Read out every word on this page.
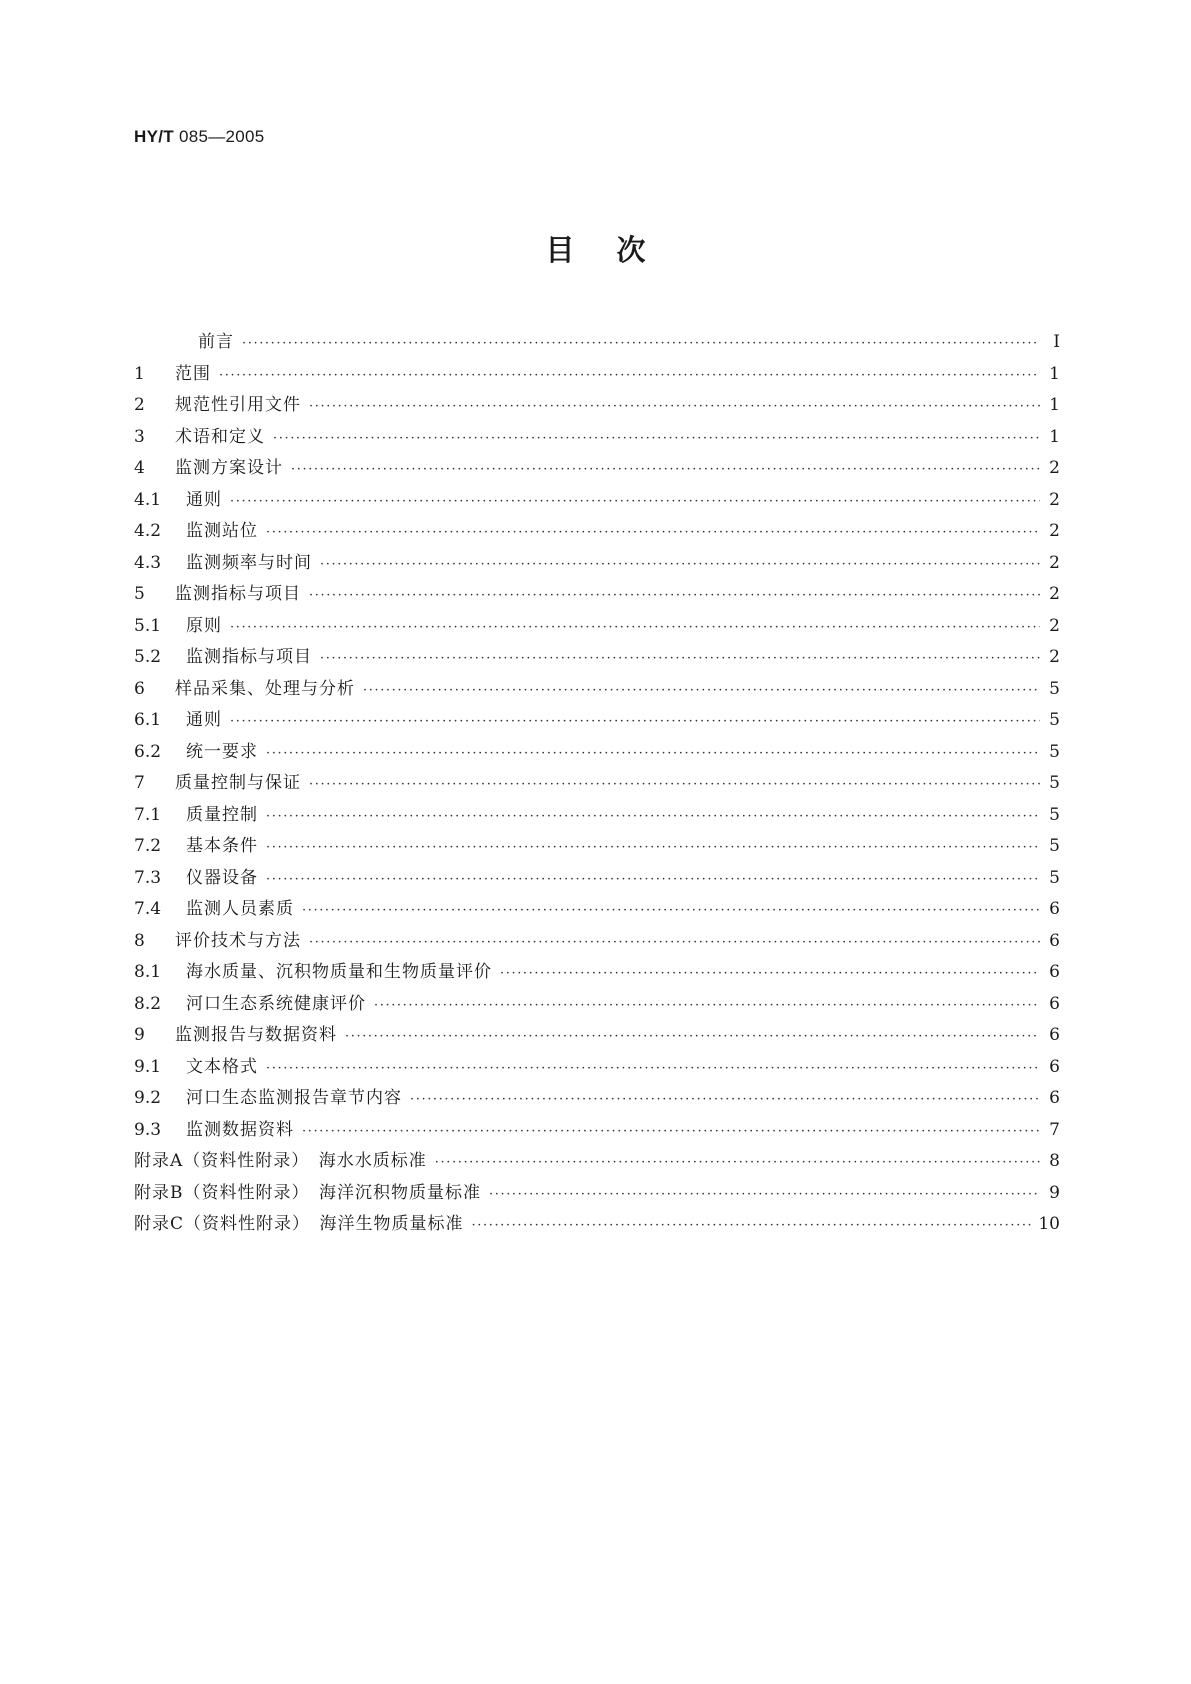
HY/T 085—2005
目次
前言 ·····	I
1	范围 ·····	1
2	规范性引用文件 ·····	1
3	术语和定义 ·····	1
4	监测方案设计 ·····	2
4.1	通则 ·····	2
4.2	监测站位 ·····	2
4.3	监测频率与时间 ·····	2
5	监测指标与项目 ·····	2
5.1	原则 ·····	2
5.2	监测指标与项目 ·····	2
6	样品采集、处理与分析 ·····	5
6.1	通则 ·····	5
6.2	统一要求 ·····	5
7	质量控制与保证 ·····	5
7.1	质量控制 ·····	5
7.2	基本条件 ·····	5
7.3	仪器设备 ·····	5
7.4	监测人员素质 ·····	6
8	评价技术与方法 ·····	6
8.1	海水质量、沉积物质量和生物质量评价 ·····	6
8.2	河口生态系统健康评价 ·····	6
9	监测报告与数据资料 ·····	6
9.1	文本格式 ·····	6
9.2	河口生态监测报告章节内容 ·····	6
9.3	监测数据资料 ·····	7
附录A（资料性附录）　海水水质标准 ·····	8
附录B（资料性附录）　海洋沉积物质量标准 ·····	9
附录C（资料性附录）　海洋生物质量标准 ·····	10
